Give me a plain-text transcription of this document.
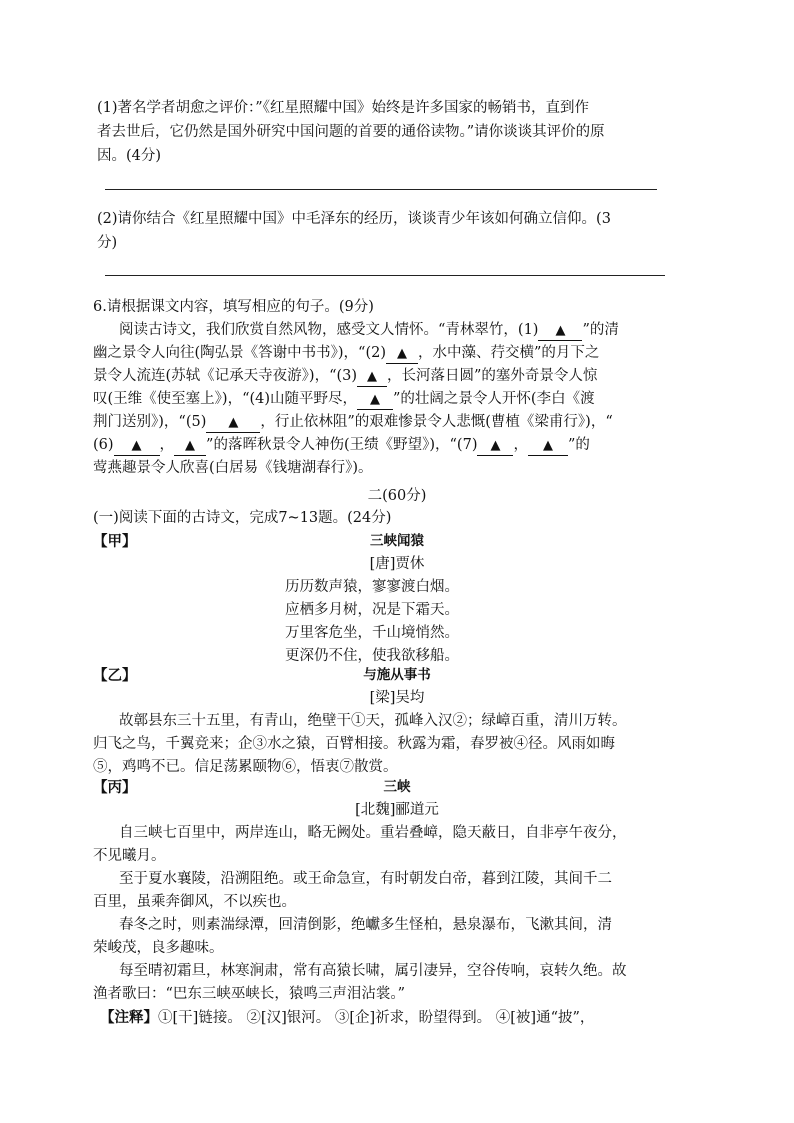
(1)著名学者胡愈之评价：”《红星照耀中国》始终是许多国家的畅销书，直到作

者去世后，它仍然是国外研究中国问题的首要的通俗读物。”请你谈谈其评价的原

因。(4分)

(2)请你结合《红星照耀中国》中毛泽东的经历，谈谈青少年该如何确立信仰。(3

分)

6.请根据课文内容，填写相应的句子。(9分)

阅读古诗文，我们欣赏自然风物，感受文人情怀。“青林翠竹，(1) ▲ ”的清

幽之景令人向往(陶弘景《答谢中书书》)，“(2) ▲ ，水中藻、荇交横”的月下之

景令人流连(苏轼《记承天寺夜游》)，“(3) ▲ ，长河落日圆”的塞外奇景令人惊

叹(王维《使至塞上》)，“(4)山随平野尽， ▲ ”的壮阔之景令人开怀(李白《渡

荆门送别》)，“(5) ▲ ，行止依林阻”的艰难惨景令人悲慨(曹植《梁甫行》)，“

(6) ▲ ， ▲ ”的落晖秋景令人神伤(王绩《野望》)，“(7) ▲ ， ▲ ”的

莺燕趣景令人欣喜(白居易《钱塘湖春行》)。

二(60分)

(一)阅读下面的古诗文，完成7~13题。(24分)

【甲】	三峡闻猿
[唐]贾休

历历数声猿，寥寥渡白烟。

应栖多月树，况是下霜天。

万里客危坐，千山境悄然。

更深仍不住，使我欲移船。

【乙】	与施从事书
[梁]吴均

故鄣县东三十五里，有青山，绝壁干①天，孤峰入汉②；绿嶂百重，清川万转。

归飞之鸟，千翼竞来；企③水之猿，百臂相接。秋露为霜，春罗被④径。风雨如晦

⑤，鸡鸣不已。信足荡累颐物⑥，悟衷⑦散赏。

【丙】	三峡
[北魏]郦道元

自三峡七百里中，两岸连山，略无阙处。重岩叠嶂，隐天蔽日，自非亭午夜分，

不见曦月。

至于夏水襄陵，沿溯阻绝。或王命急宣，有时朝发白帝，暮到江陵，其间千二

百里，虽乘奔御风，不以疾也。

春冬之时，则素湍绿潭，回清倒影，绝巘多生怪柏，悬泉瀑布，飞漱其间，清

荣峻茂，良多趣味。

每至晴初霜旦，林寒涧肃，常有高猿长啸，属引凄异，空谷传响，哀转久绝。故

渔者歌曰：“巴东三峡巫峡长，猿鸣三声泪沾裳。”

【注释】①[干]链接。 ②[汉]银河。 ③[企]祈求，盼望得到。 ④[被]通“披”，
